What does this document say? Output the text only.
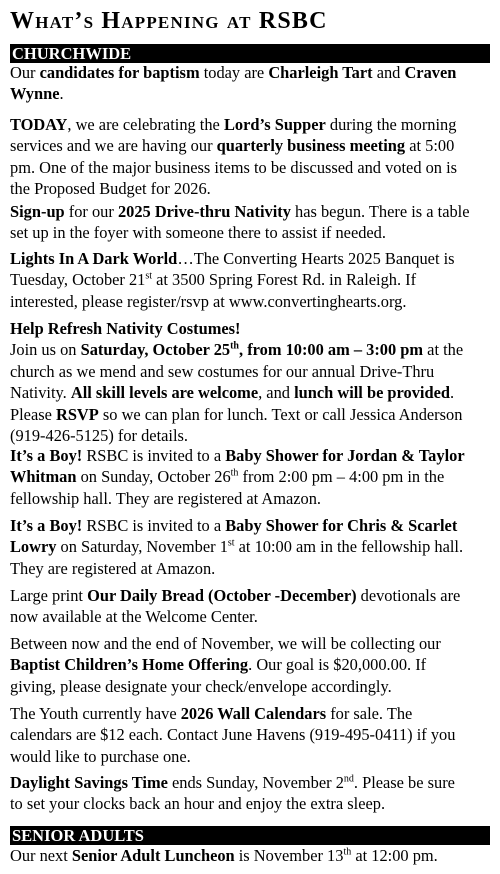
What’s Happening at RSBC
CHURCHWIDE
Our candidates for baptism today are Charleigh Tart and Craven
Wynne.
TODAY, we are celebrating the Lord’s Supper during the morning
services and we are having our quarterly business meeting at 5:00
pm. One of the major business items to be discussed and voted on is
the Proposed Budget for 2026.
Sign-up for our 2025 Drive-thru Nativity has begun. There is a table
set up in the foyer with someone there to assist if needed.
Lights In A Dark World…The Converting Hearts 2025 Banquet is
Tuesday, October 21st at 3500 Spring Forest Rd. in Raleigh. If
interested, please register/rsvp at www.convertinghearts.org.
Help Refresh Nativity Costumes!
Join us on Saturday, October 25th, from 10:00 am – 3:00 pm at the
church as we mend and sew costumes for our annual Drive-Thru
Nativity. All skill levels are welcome, and lunch will be provided.
Please RSVP so we can plan for lunch. Text or call Jessica Anderson
(919-426-5125) for details.
It’s a Boy! RSBC is invited to a Baby Shower for Jordan & Taylor
Whitman on Sunday, October 26th from 2:00 pm – 4:00 pm in the
fellowship hall. They are registered at Amazon.
It’s a Boy! RSBC is invited to a Baby Shower for Chris & Scarlet
Lowry on Saturday, November 1st at 10:00 am in the fellowship hall.
They are registered at Amazon.
Large print Our Daily Bread (October -December) devotionals are
now available at the Welcome Center.
Between now and the end of November, we will be collecting our
Baptist Children’s Home Offering. Our goal is $20,000.00. If
giving, please designate your check/envelope accordingly.
The Youth currently have 2026 Wall Calendars for sale. The
calendars are $12 each. Contact June Havens (919-495-0411) if you
would like to purchase one.
Daylight Savings Time ends Sunday, November 2nd. Please be sure
to set your clocks back an hour and enjoy the extra sleep.
SENIOR ADULTS
Our next Senior Adult Luncheon is November 13th at 12:00 pm.
